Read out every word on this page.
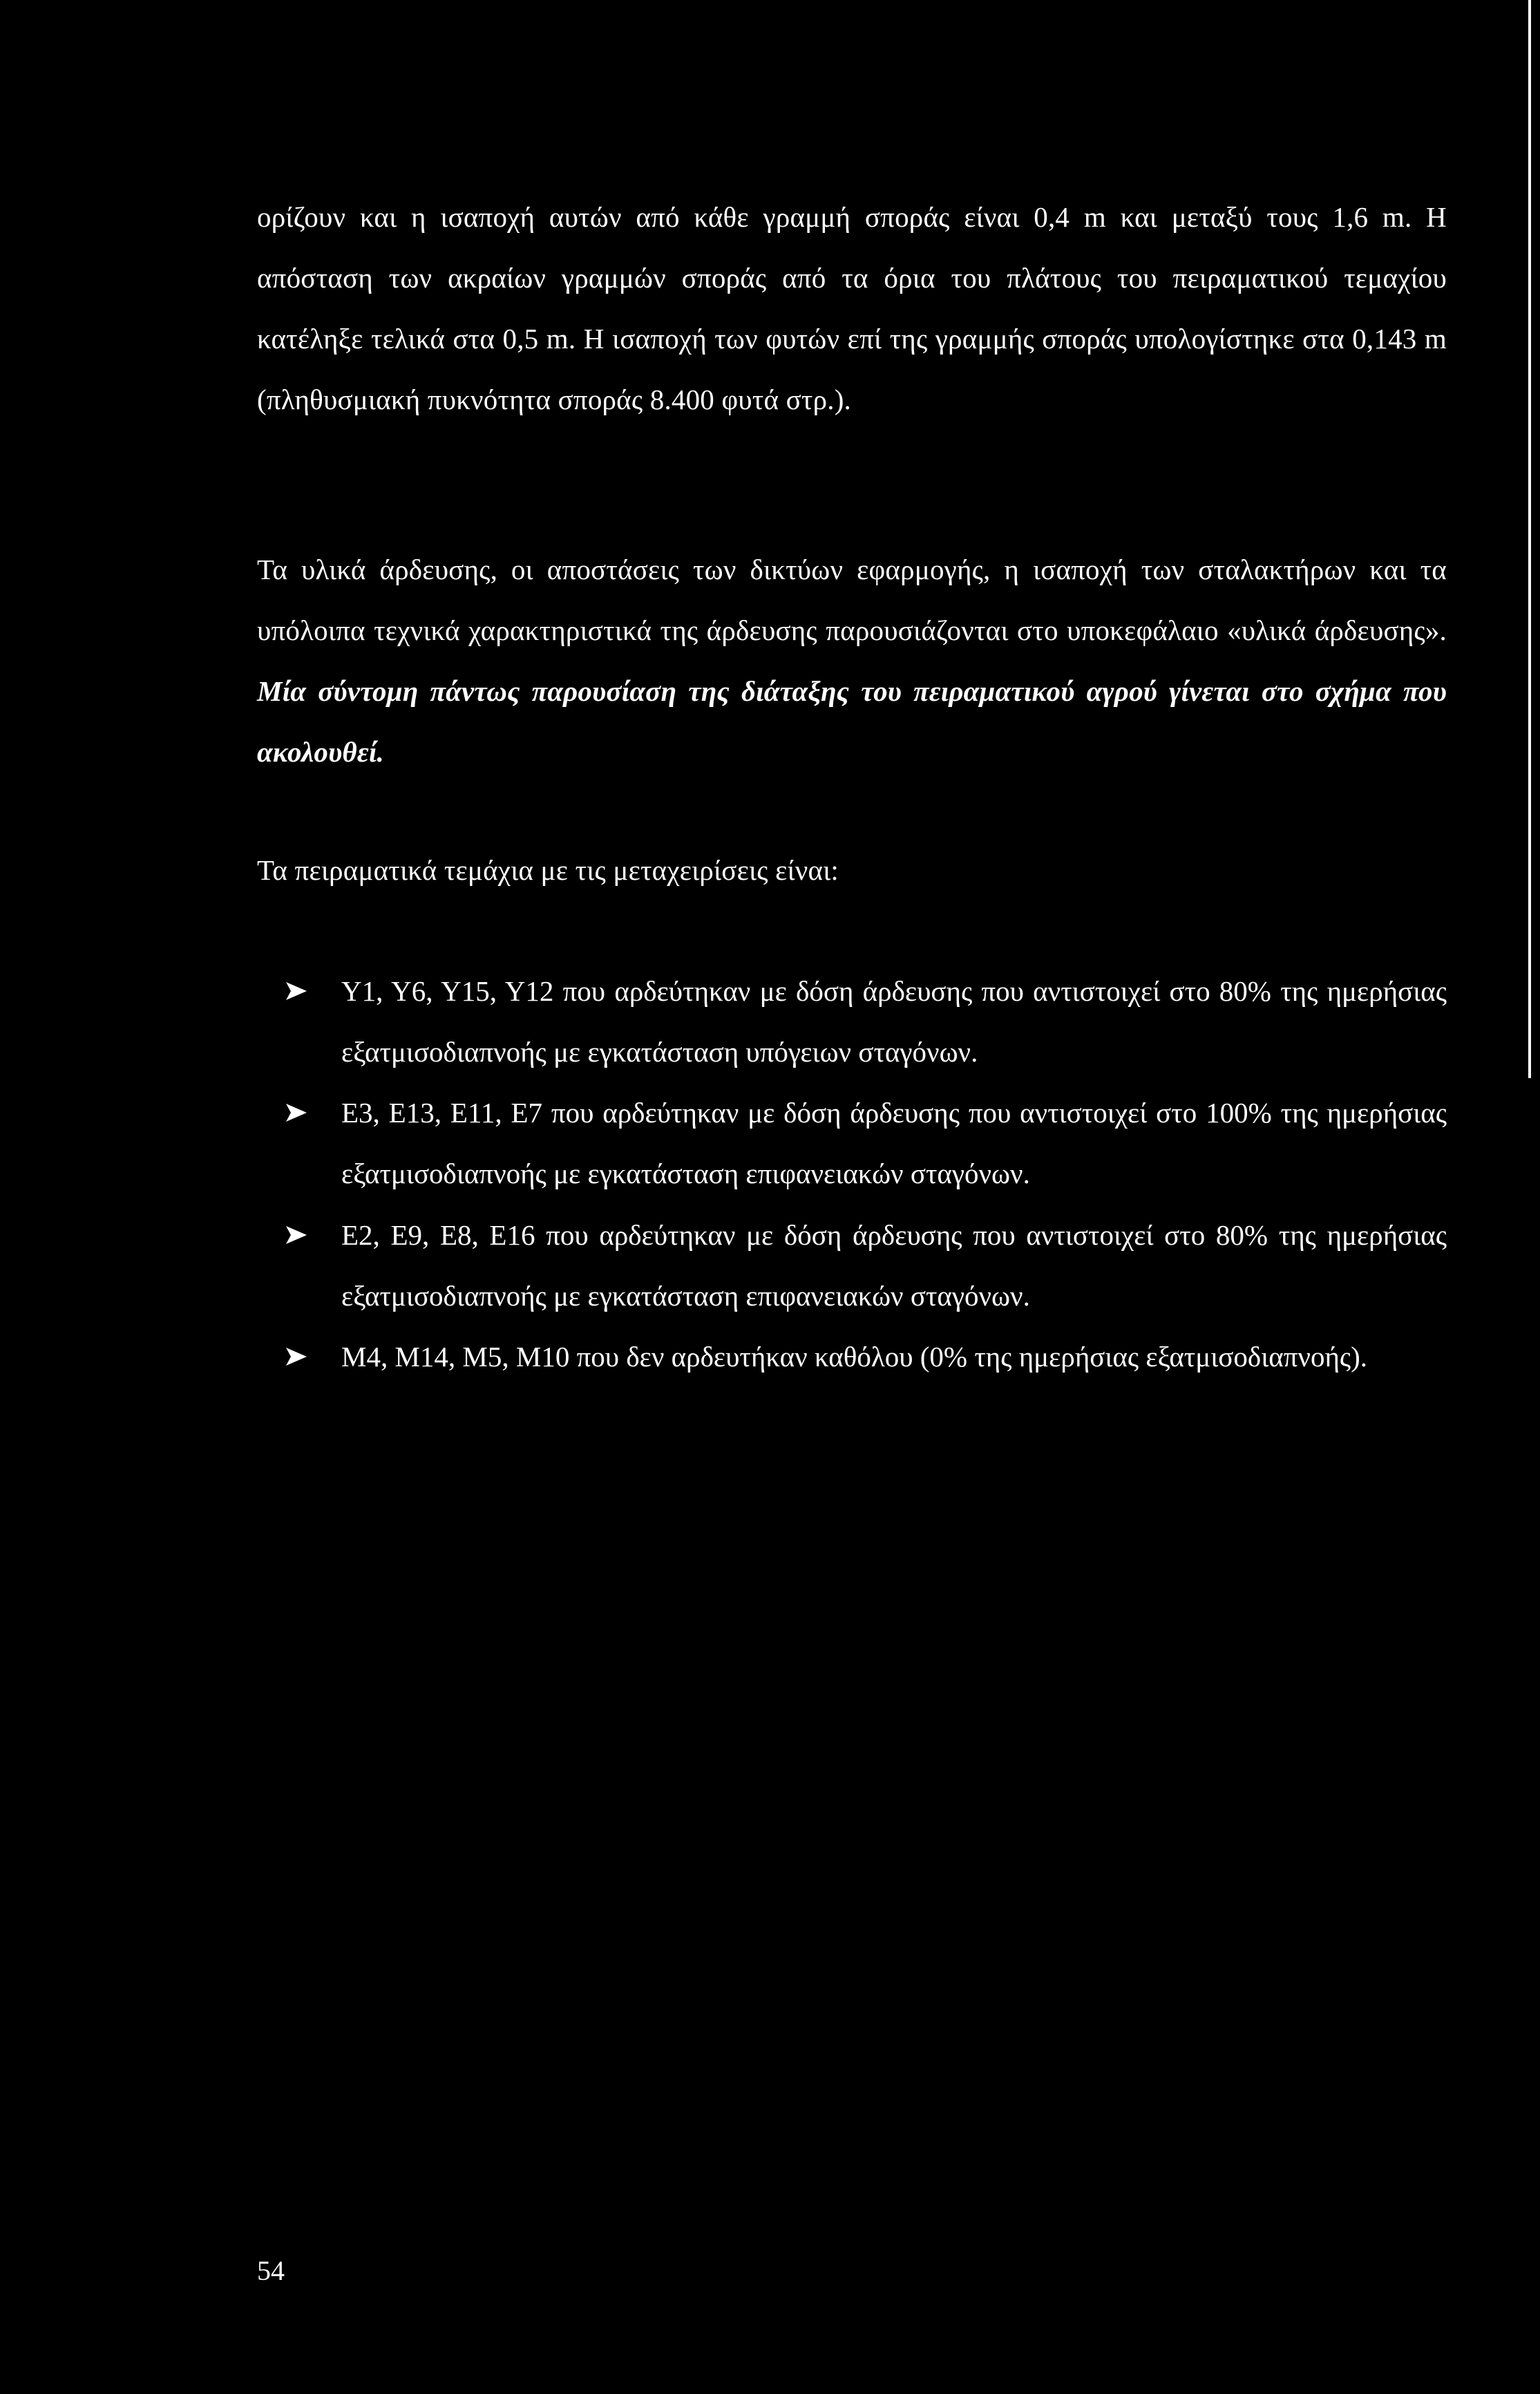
ορίζουν και η ισαποχή αυτών από κάθε γραμμή σποράς είναι 0,4 m και μεταξύ τους 1,6 m. Η απόσταση των ακραίων γραμμών σποράς από τα όρια του πλάτους του πειραματικού τεμαχίου κατέληξε τελικά στα 0,5 m. Η ισαποχή των φυτών επί της γραμμής σποράς υπολογίστηκε στα 0,143 m (πληθυσμιακή πυκνότητα σποράς 8.400 φυτά στρ.).

Τα υλικά άρδευσης, οι αποστάσεις των δικτύων εφαρμογής, η ισαποχή των σταλακτήρων και τα υπόλοιπα τεχνικά χαρακτηριστικά της άρδευσης παρουσιάζονται στο υποκεφάλαιο «υλικά άρδευσης». Μία σύντομη πάντως παρουσίαση της διάταξης του πειραματικού αγρού γίνεται στο σχήμα που ακολουθεί.

Τα πειραματικά τεμάχια με τις μεταχειρίσεις είναι:

Υ1, Υ6, Υ15, Υ12 που αρδεύτηκαν με δόση άρδευσης που αντιστοιχεί στο 80% της ημερήσιας εξατμισοδιαπνοής με εγκατάσταση υπόγειων σταγόνων.
Ε3, Ε13, Ε11, Ε7 που αρδεύτηκαν με δόση άρδευσης που αντιστοιχεί στο 100% της ημερήσιας εξατμισοδιαπνοής με εγκατάσταση επιφανειακών σταγόνων.
Ε2, Ε9, Ε8, Ε16 που αρδεύτηκαν με δόση άρδευσης που αντιστοιχεί στο 80% της ημερήσιας εξατμισοδιαπνοής με εγκατάσταση επιφανειακών σταγόνων.
Μ4, Μ14, Μ5, Μ10 που δεν αρδευτήκαν καθόλου (0% της ημερήσιας εξατμισοδιαπνοής).
54
